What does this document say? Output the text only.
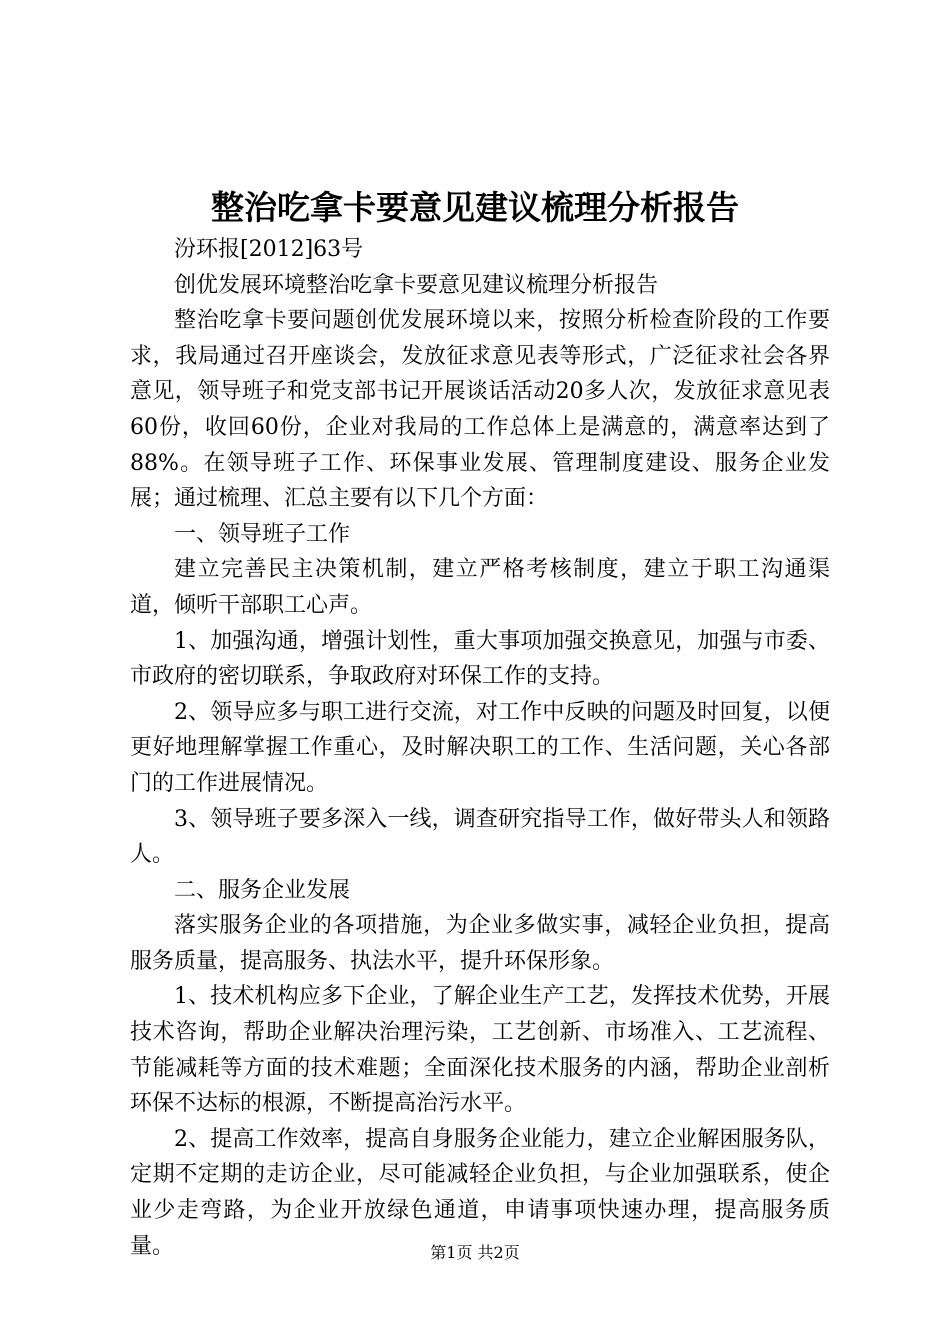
整治吃拿卡要意见建议梳理分析报告

汾环报[2012]63号

创优发展环境整治吃拿卡要意见建议梳理分析报告

整治吃拿卡要问题创优发展环境以来，按照分析检查阶段的工作要求，我局通过召开座谈会，发放征求意见表等形式，广泛征求社会各界意见，领导班子和党支部书记开展谈话活动20多人次，发放征求意见表60份，收回60份，企业对我局的工作总体上是满意的，满意率达到了88%。在领导班子工作、环保事业发展、管理制度建设、服务企业发展；通过梳理、汇总主要有以下几个方面：

一、领导班子工作

建立完善民主决策机制，建立严格考核制度，建立于职工沟通渠道，倾听干部职工心声。

1、加强沟通，增强计划性，重大事项加强交换意见，加强与市委、市政府的密切联系，争取政府对环保工作的支持。

2、领导应多与职工进行交流，对工作中反映的问题及时回复，以便更好地理解掌握工作重心，及时解决职工的工作、生活问题，关心各部门的工作进展情况。

3、领导班子要多深入一线，调查研究指导工作，做好带头人和领路人。

二、服务企业发展

落实服务企业的各项措施，为企业多做实事，减轻企业负担，提高服务质量，提高服务、执法水平，提升环保形象。

1、技术机构应多下企业，了解企业生产工艺，发挥技术优势，开展技术咨询，帮助企业解决治理污染，工艺创新、市场准入、工艺流程、节能减耗等方面的技术难题；全面深化技术服务的内涵，帮助企业剖析环保不达标的根源，不断提高治污水平。

2、提高工作效率，提高自身服务企业能力，建立企业解困服务队，定期不定期的走访企业，尽可能减轻企业负担，与企业加强联系，使企业少走弯路，为企业开放绿色通道，申请事项快速办理，提高服务质量。	第1页 共2页
